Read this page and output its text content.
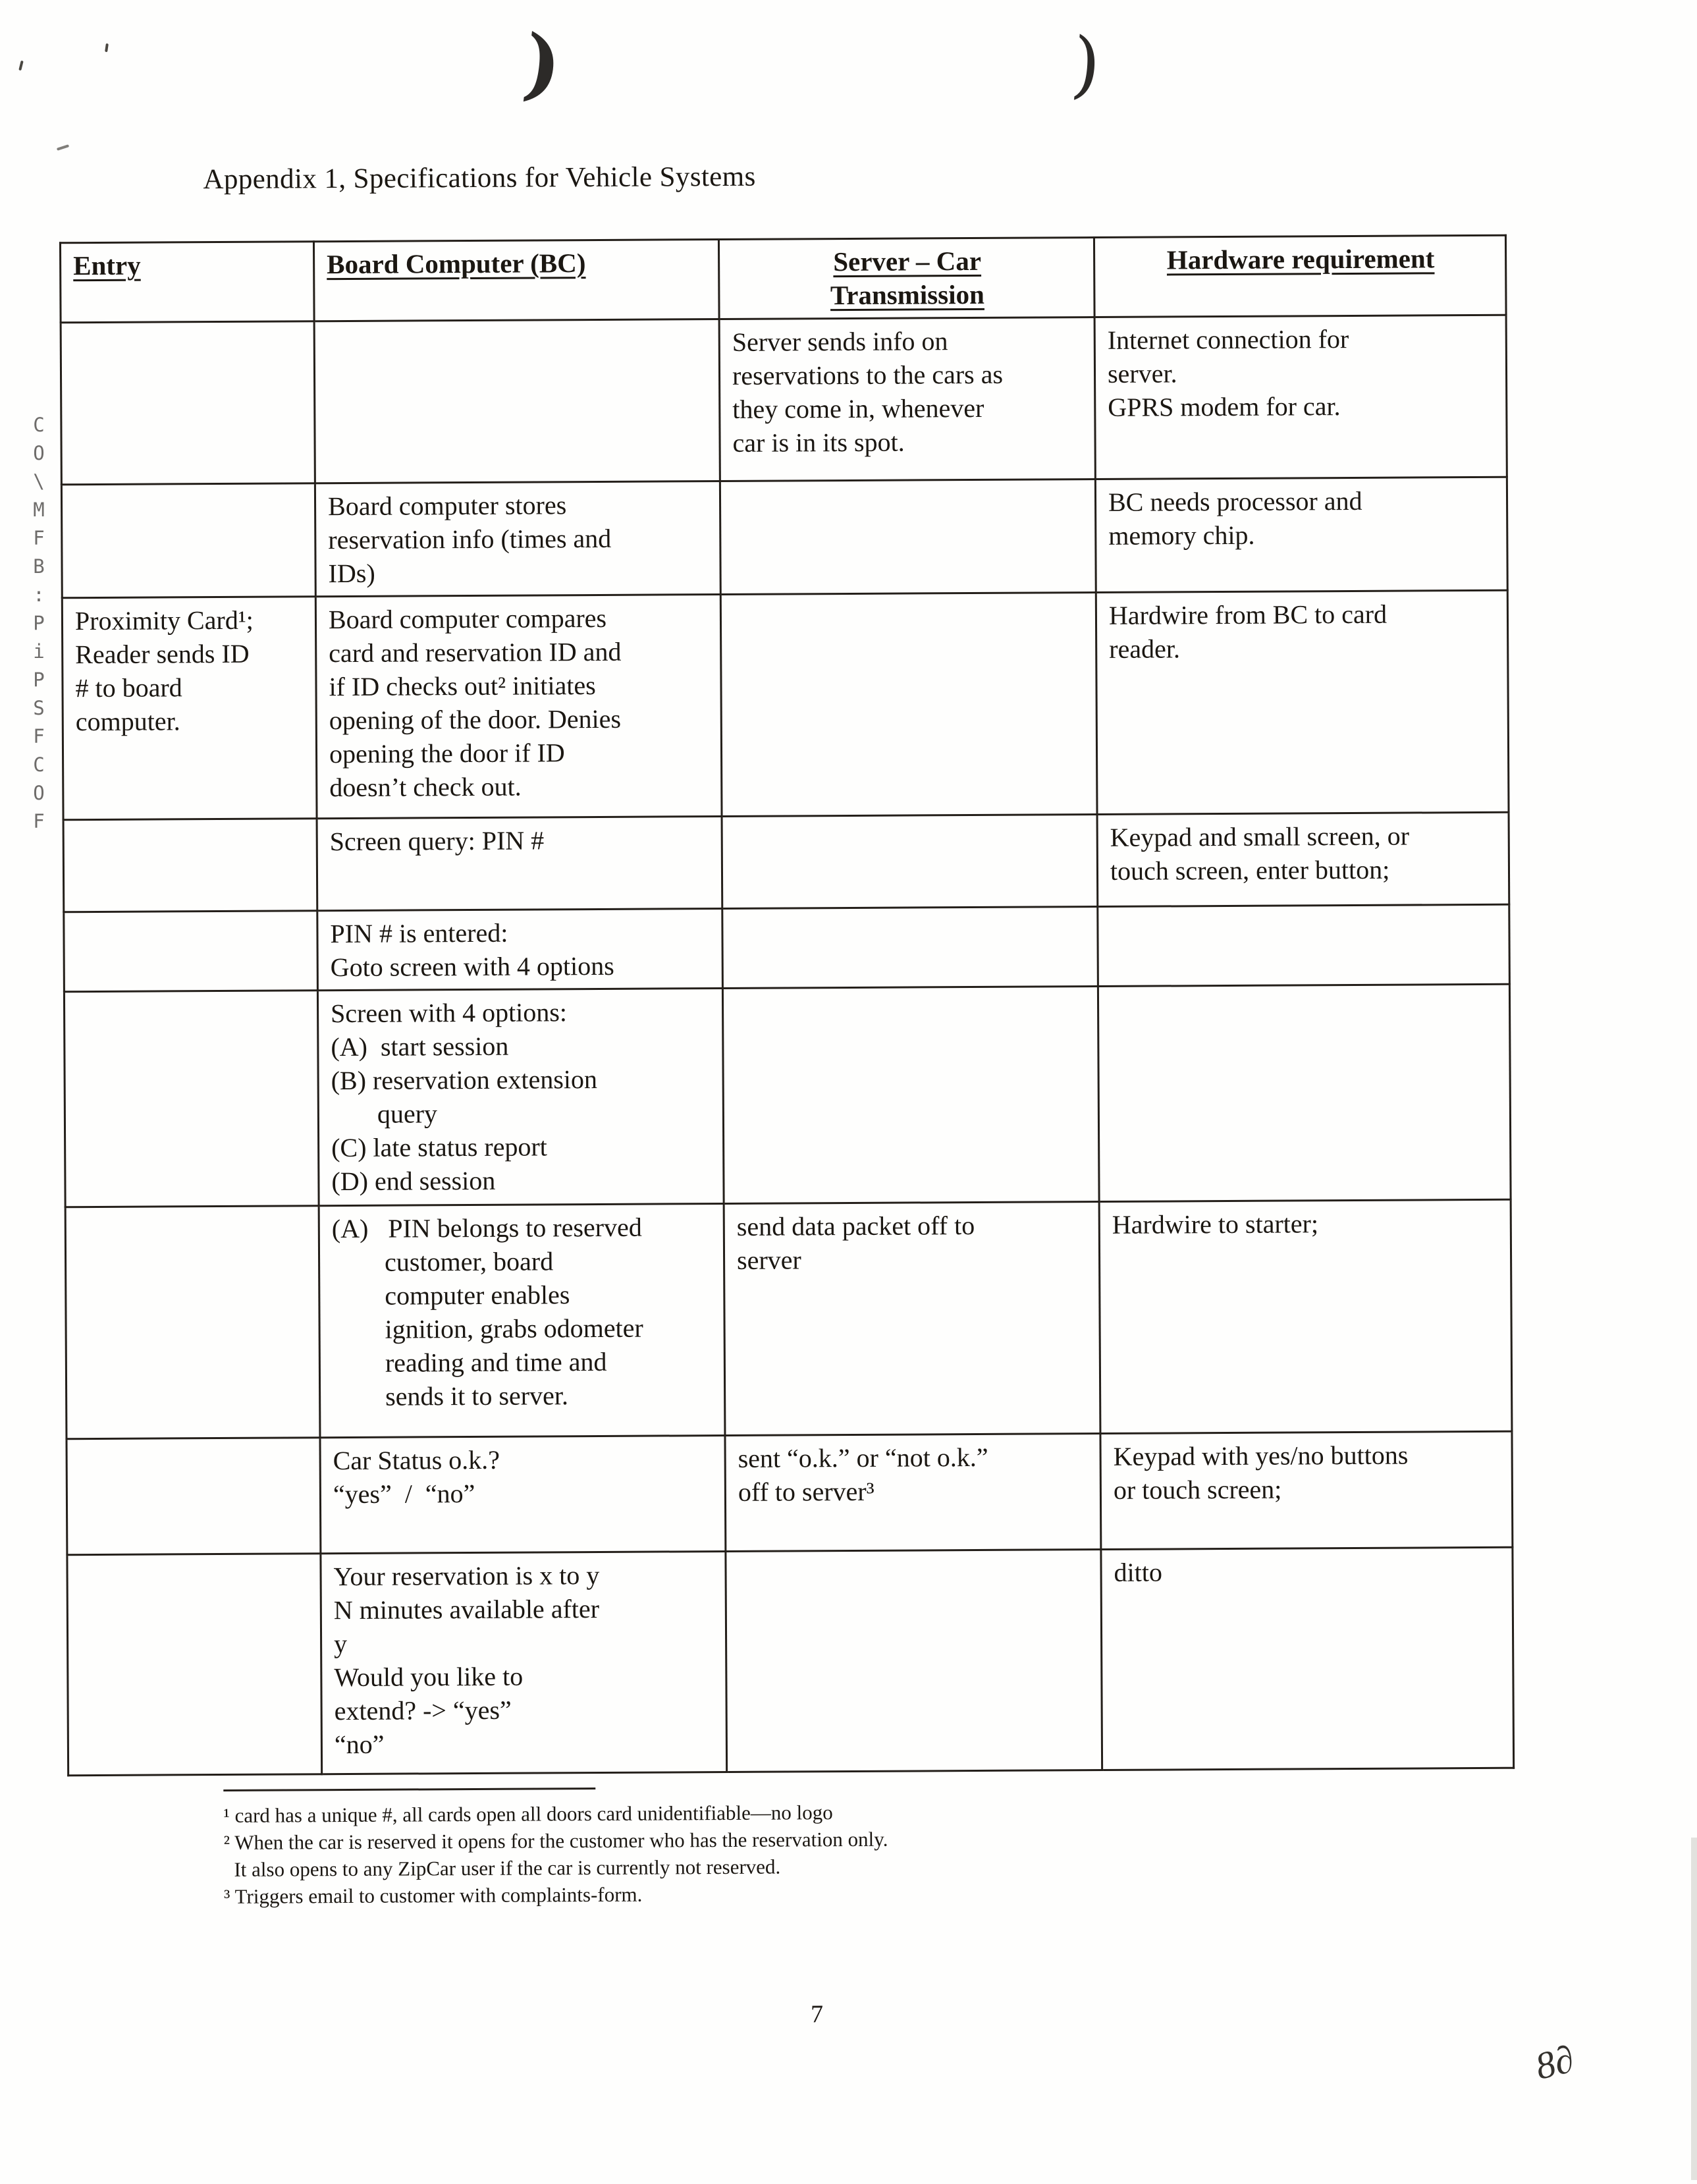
Appendix 1, Specifications for Vehicle Systems
Entry	Board Computer (BC)	Server – Car
Transmission	Hardware requirement
		Server sends info on
reservations to the cars as
they come in, whenever
car is in its spot.	Internet connection for
server.
GPRS modem for car.
	Board computer stores
reservation info (times and
IDs)		BC needs processor and
memory chip.
Proximity Card¹;
Reader sends ID
# to board
computer.	Board computer compares
card and reservation ID and
if ID checks out² initiates
opening of the door. Denies
opening the door if ID
doesn’t check out.		Hardwire from BC to card
reader.
	Screen query: PIN #		Keypad and small screen, or
touch screen, enter button;
	PIN # is entered:
Goto screen with 4 options		
	Screen with 4 options:
(A)  start session
(B) reservation extension
query
(C) late status report
(D) end session		
	(A)   PIN belongs to reserved
customer, board
computer enables
ignition, grabs odometer
reading and time and
sends it to server.	send data packet off to
server	Hardwire to starter;
	Car Status o.k.?
“yes”  /  “no”	sent “o.k.” or “not o.k.”
off to server³	Keypad with yes/no buttons
or touch screen;
	Your reservation is x to y
N minutes available after
y
Would you like to
extend? -> “yes”
“no”		ditto
¹ card has a unique #, all cards open all doors card unidentifiable—no logo
² When the car is reserved it opens for the customer who has the reservation only.
It also opens to any ZipCar user if the car is currently not reserved.
³ Triggers email to customer with complaints-form.
7
CO\MFB:PiPSFCOF
)	)
8∂
